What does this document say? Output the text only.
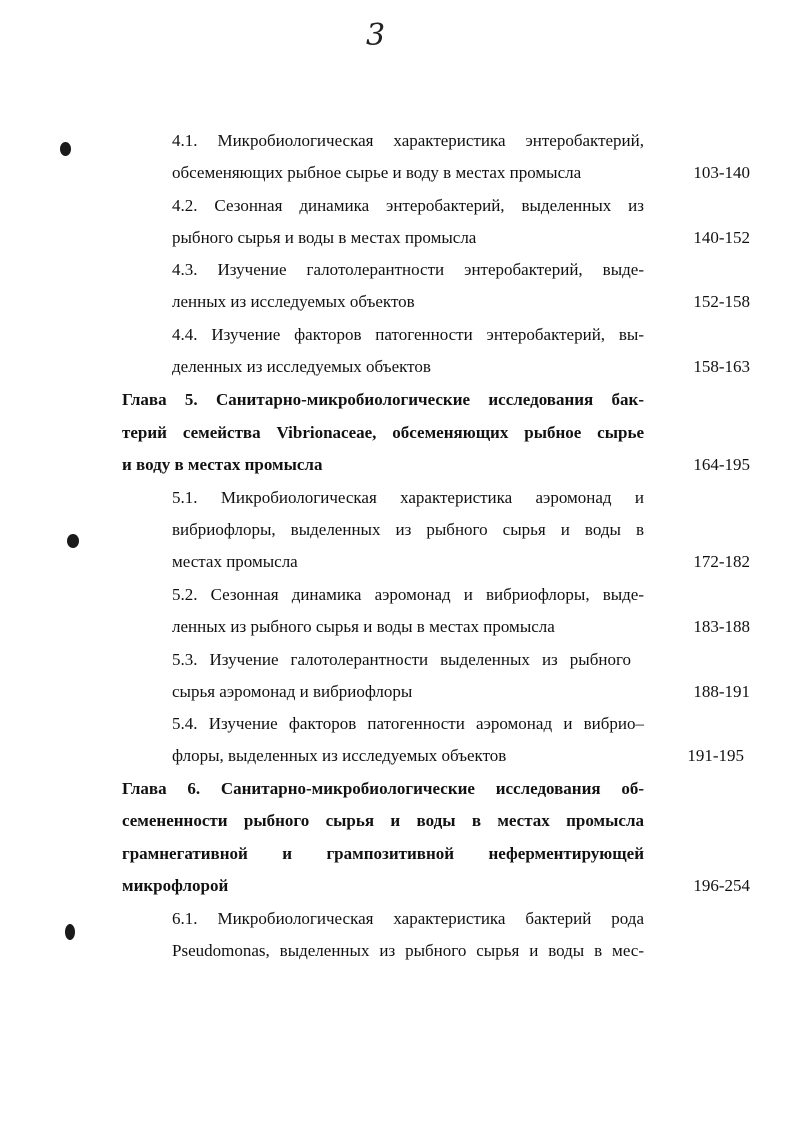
3
4.1. Микробиологическая характеристика энтеробактерий,
обсеменяющих рыбное сырье и воду в местах промысла	103-140
4.2. Сезонная динамика энтеробактерий, выделенных из
рыбного сырья и воды в местах промысла	140-152
4.3. Изучение галотолерантности энтеробактерий, выде-
ленных из исследуемых объектов	152-158
4.4. Изучение факторов патогенности энтеробактерий, вы-
деленных из исследуемых объектов	158-163
Глава 5. Санитарно-микробиологические исследования бак-
терий семейства Vibrionaceae, обсеменяющих рыбное сырье
и воду в местах промысла	164-195
5.1. Микробиологическая характеристика аэромонад и
вибриофлоры, выделенных из рыбного сырья и воды в
местах промысла	172-182
5.2. Сезонная динамика аэромонад и вибриофлоры, выде-
ленных из рыбного сырья и воды в местах промысла	183-188
5.3. Изучение галотолерантности выделенных из рыбного
сырья аэромонад и вибриофлоры	188-191
5.4. Изучение факторов патогенности аэромонад и вибрио–
флоры, выделенных из исследуемых объектов	191-195
Глава 6. Санитарно-микробиологические исследования об-
семененности рыбного сырья и воды в местах промысла
грамнегативной и грампозитивной неферментирующей
микрофлорой	196-254
6.1. Микробиологическая характеристика бактерий рода
Pseudomonas, выделенных из рыбного сырья и воды в мес-
